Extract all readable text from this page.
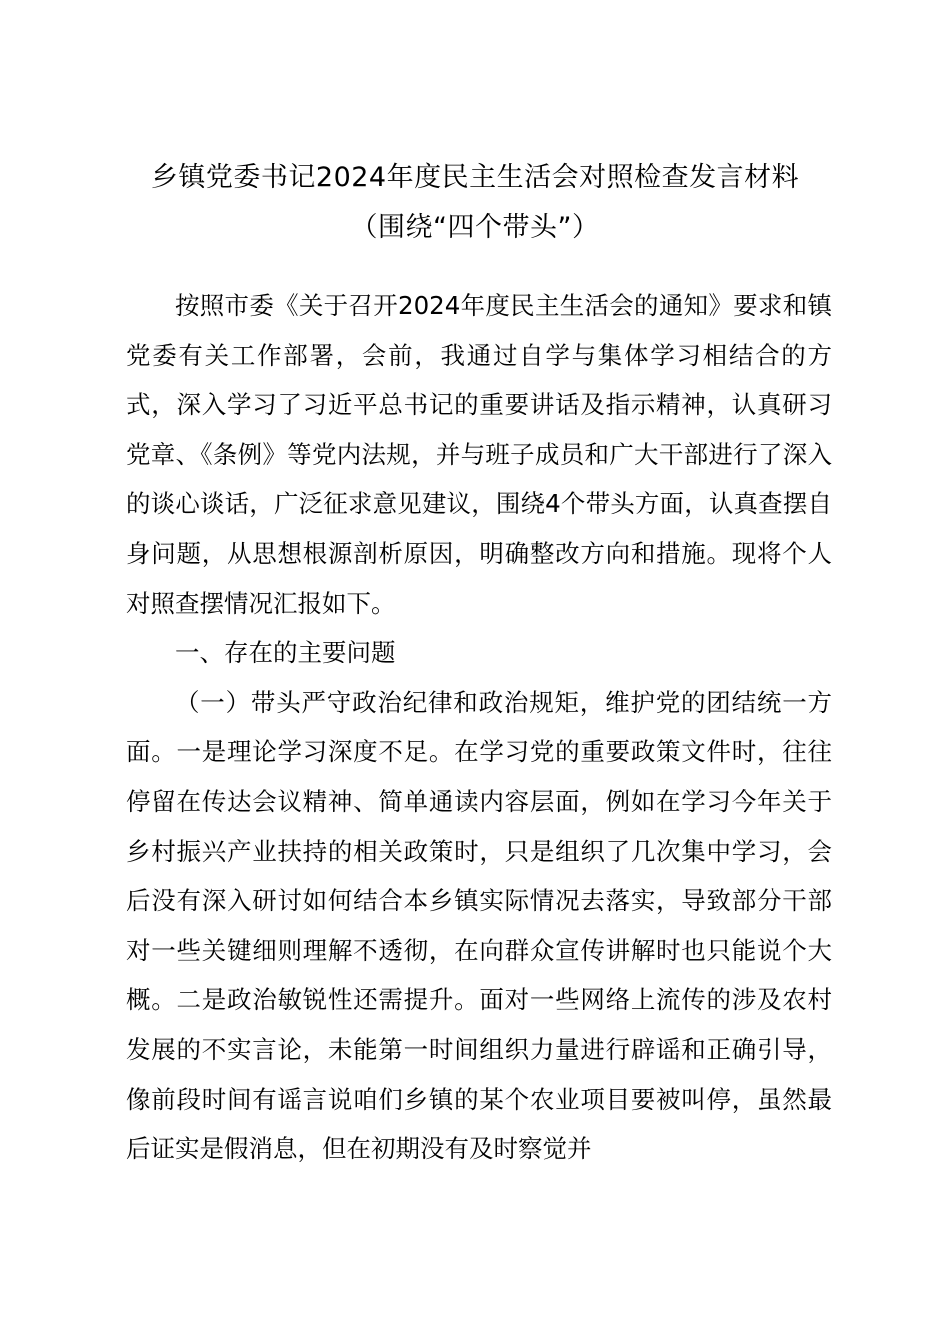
乡镇党委书记2024年度民主生活会对照检查发言材料
（围绕“四个带头”）

按照市委《关于召开2024年度民主生活会的通知》要求和镇党委有关工作部署，会前，我通过自学与集体学习相结合的方式，深入学习了习近平总书记的重要讲话及指示精神，认真研习党章、《条例》等党内法规，并与班子成员和广大干部进行了深入的谈心谈话，广泛征求意见建议，围绕4个带头方面，认真查摆自身问题，从思想根源剖析原因，明确整改方向和措施。现将个人对照查摆情况汇报如下。

一、存在的主要问题

（一）带头严守政治纪律和政治规矩，维护党的团结统一方面。一是理论学习深度不足。在学习党的重要政策文件时，往往停留在传达会议精神、简单通读内容层面，例如在学习今年关于乡村振兴产业扶持的相关政策时，只是组织了几次集中学习，会后没有深入研讨如何结合本乡镇实际情况去落实，导致部分干部对一些关键细则理解不透彻，在向群众宣传讲解时也只能说个大概。二是政治敏锐性还需提升。面对一些网络上流传的涉及农村发展的不实言论，未能第一时间组织力量进行辟谣和正确引导，像前段时间有谣言说咱们乡镇的某个农业项目要被叫停，虽然最后证实是假消息，但在初期没有及时察觉并
